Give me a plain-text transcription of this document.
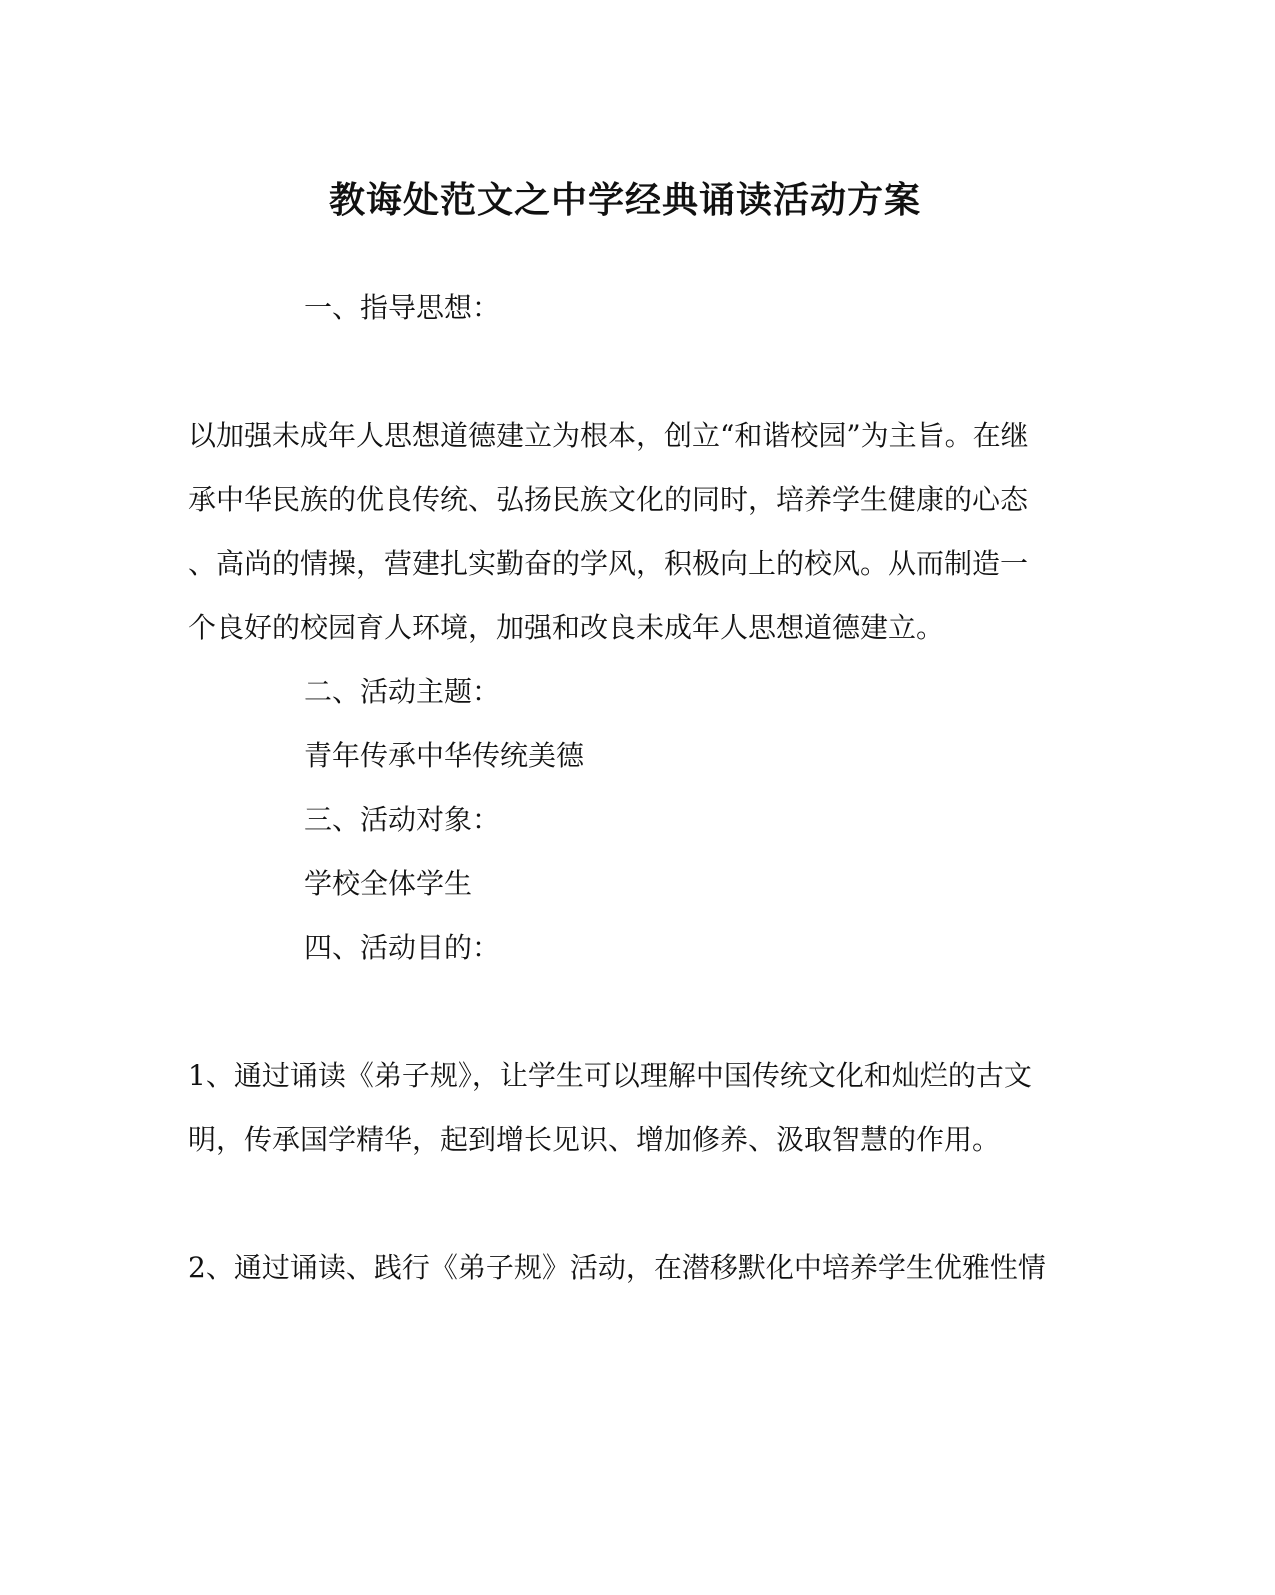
教诲处范文之中学经典诵读活动方案
一、指导思想：
以加强未成年人思想道德建立为根本，创立“和谐校园”为主旨。在继
承中华民族的优良传统、弘扬民族文化的同时，培养学生健康的心态
、高尚的情操，营建扎实勤奋的学风，积极向上的校风。从而制造一
个良好的校园育人环境，加强和改良未成年人思想道德建立。
二、活动主题：
青年传承中华传统美德
三、活动对象：
学校全体学生
四、活动目的：
1、通过诵读《弟子规》，让学生可以理解中国传统文化和灿烂的古文
明，传承国学精华，起到增长见识、增加修养、汲取智慧的作用。
2、通过诵读、践行《弟子规》活动，在潜移默化中培养学生优雅性情
